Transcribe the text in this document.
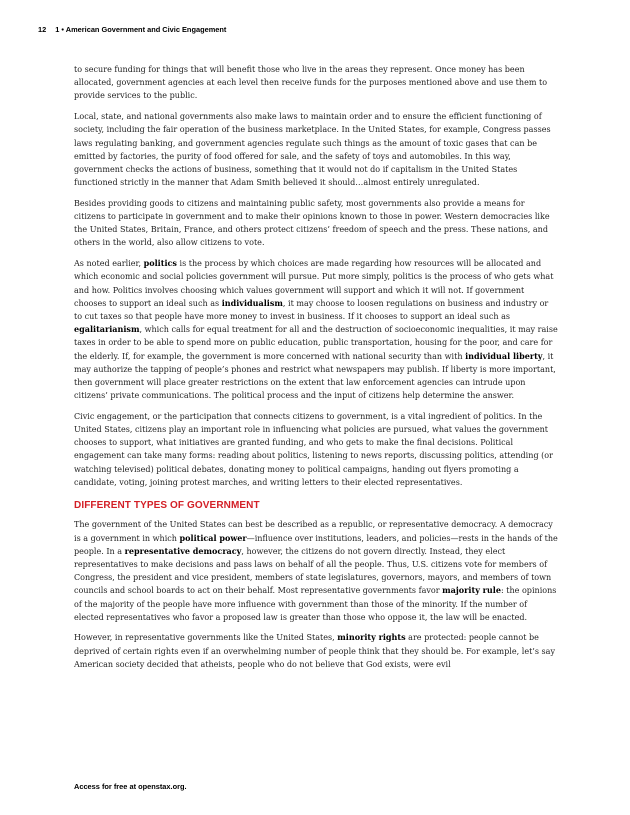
12 1 • American Government and Civic Engagement

to secure funding for things that will benefit those who live in the areas they represent. Once money has been allocated, government agencies at each level then receive funds for the purposes mentioned above and use them to provide services to the public.

Local, state, and national governments also make laws to maintain order and to ensure the efficient functioning of society, including the fair operation of the business marketplace. In the United States, for example, Congress passes laws regulating banking, and government agencies regulate such things as the amount of toxic gases that can be emitted by factories, the purity of food offered for sale, and the safety of toys and automobiles. In this way, government checks the actions of business, something that it would not do if capitalism in the United States functioned strictly in the manner that Adam Smith believed it should…almost entirely unregulated.

Besides providing goods to citizens and maintaining public safety, most governments also provide a means for citizens to participate in government and to make their opinions known to those in power. Western democracies like the United States, Britain, France, and others protect citizens’ freedom of speech and the press. These nations, and others in the world, also allow citizens to vote.

As noted earlier, politics is the process by which choices are made regarding how resources will be allocated and which economic and social policies government will pursue. Put more simply, politics is the process of who gets what and how. Politics involves choosing which values government will support and which it will not. If government chooses to support an ideal such as individualism, it may choose to loosen regulations on business and industry or to cut taxes so that people have more money to invest in business. If it chooses to support an ideal such as egalitarianism, which calls for equal treatment for all and the destruction of socioeconomic inequalities, it may raise taxes in order to be able to spend more on public education, public transportation, housing for the poor, and care for the elderly. If, for example, the government is more concerned with national security than with individual liberty, it may authorize the tapping of people’s phones and restrict what newspapers may publish. If liberty is more important, then government will place greater restrictions on the extent that law enforcement agencies can intrude upon citizens’ private communications. The political process and the input of citizens help determine the answer.

Civic engagement, or the participation that connects citizens to government, is a vital ingredient of politics. In the United States, citizens play an important role in influencing what policies are pursued, what values the government chooses to support, what initiatives are granted funding, and who gets to make the final decisions. Political engagement can take many forms: reading about politics, listening to news reports, discussing politics, attending (or watching televised) political debates, donating money to political campaigns, handing out flyers promoting a candidate, voting, joining protest marches, and writing letters to their elected representatives.

DIFFERENT TYPES OF GOVERNMENT

The government of the United States can best be described as a republic, or representative democracy. A democracy is a government in which political power—influence over institutions, leaders, and policies—rests in the hands of the people. In a representative democracy, however, the citizens do not govern directly. Instead, they elect representatives to make decisions and pass laws on behalf of all the people. Thus, U.S. citizens vote for members of Congress, the president and vice president, members of state legislatures, governors, mayors, and members of town councils and school boards to act on their behalf. Most representative governments favor majority rule: the opinions of the majority of the people have more influence with government than those of the minority. If the number of elected representatives who favor a proposed law is greater than those who oppose it, the law will be enacted.

However, in representative governments like the United States, minority rights are protected: people cannot be deprived of certain rights even if an overwhelming number of people think that they should be. For example, let’s say American society decided that atheists, people who do not believe that God exists, were evil

Access for free at openstax.org.
